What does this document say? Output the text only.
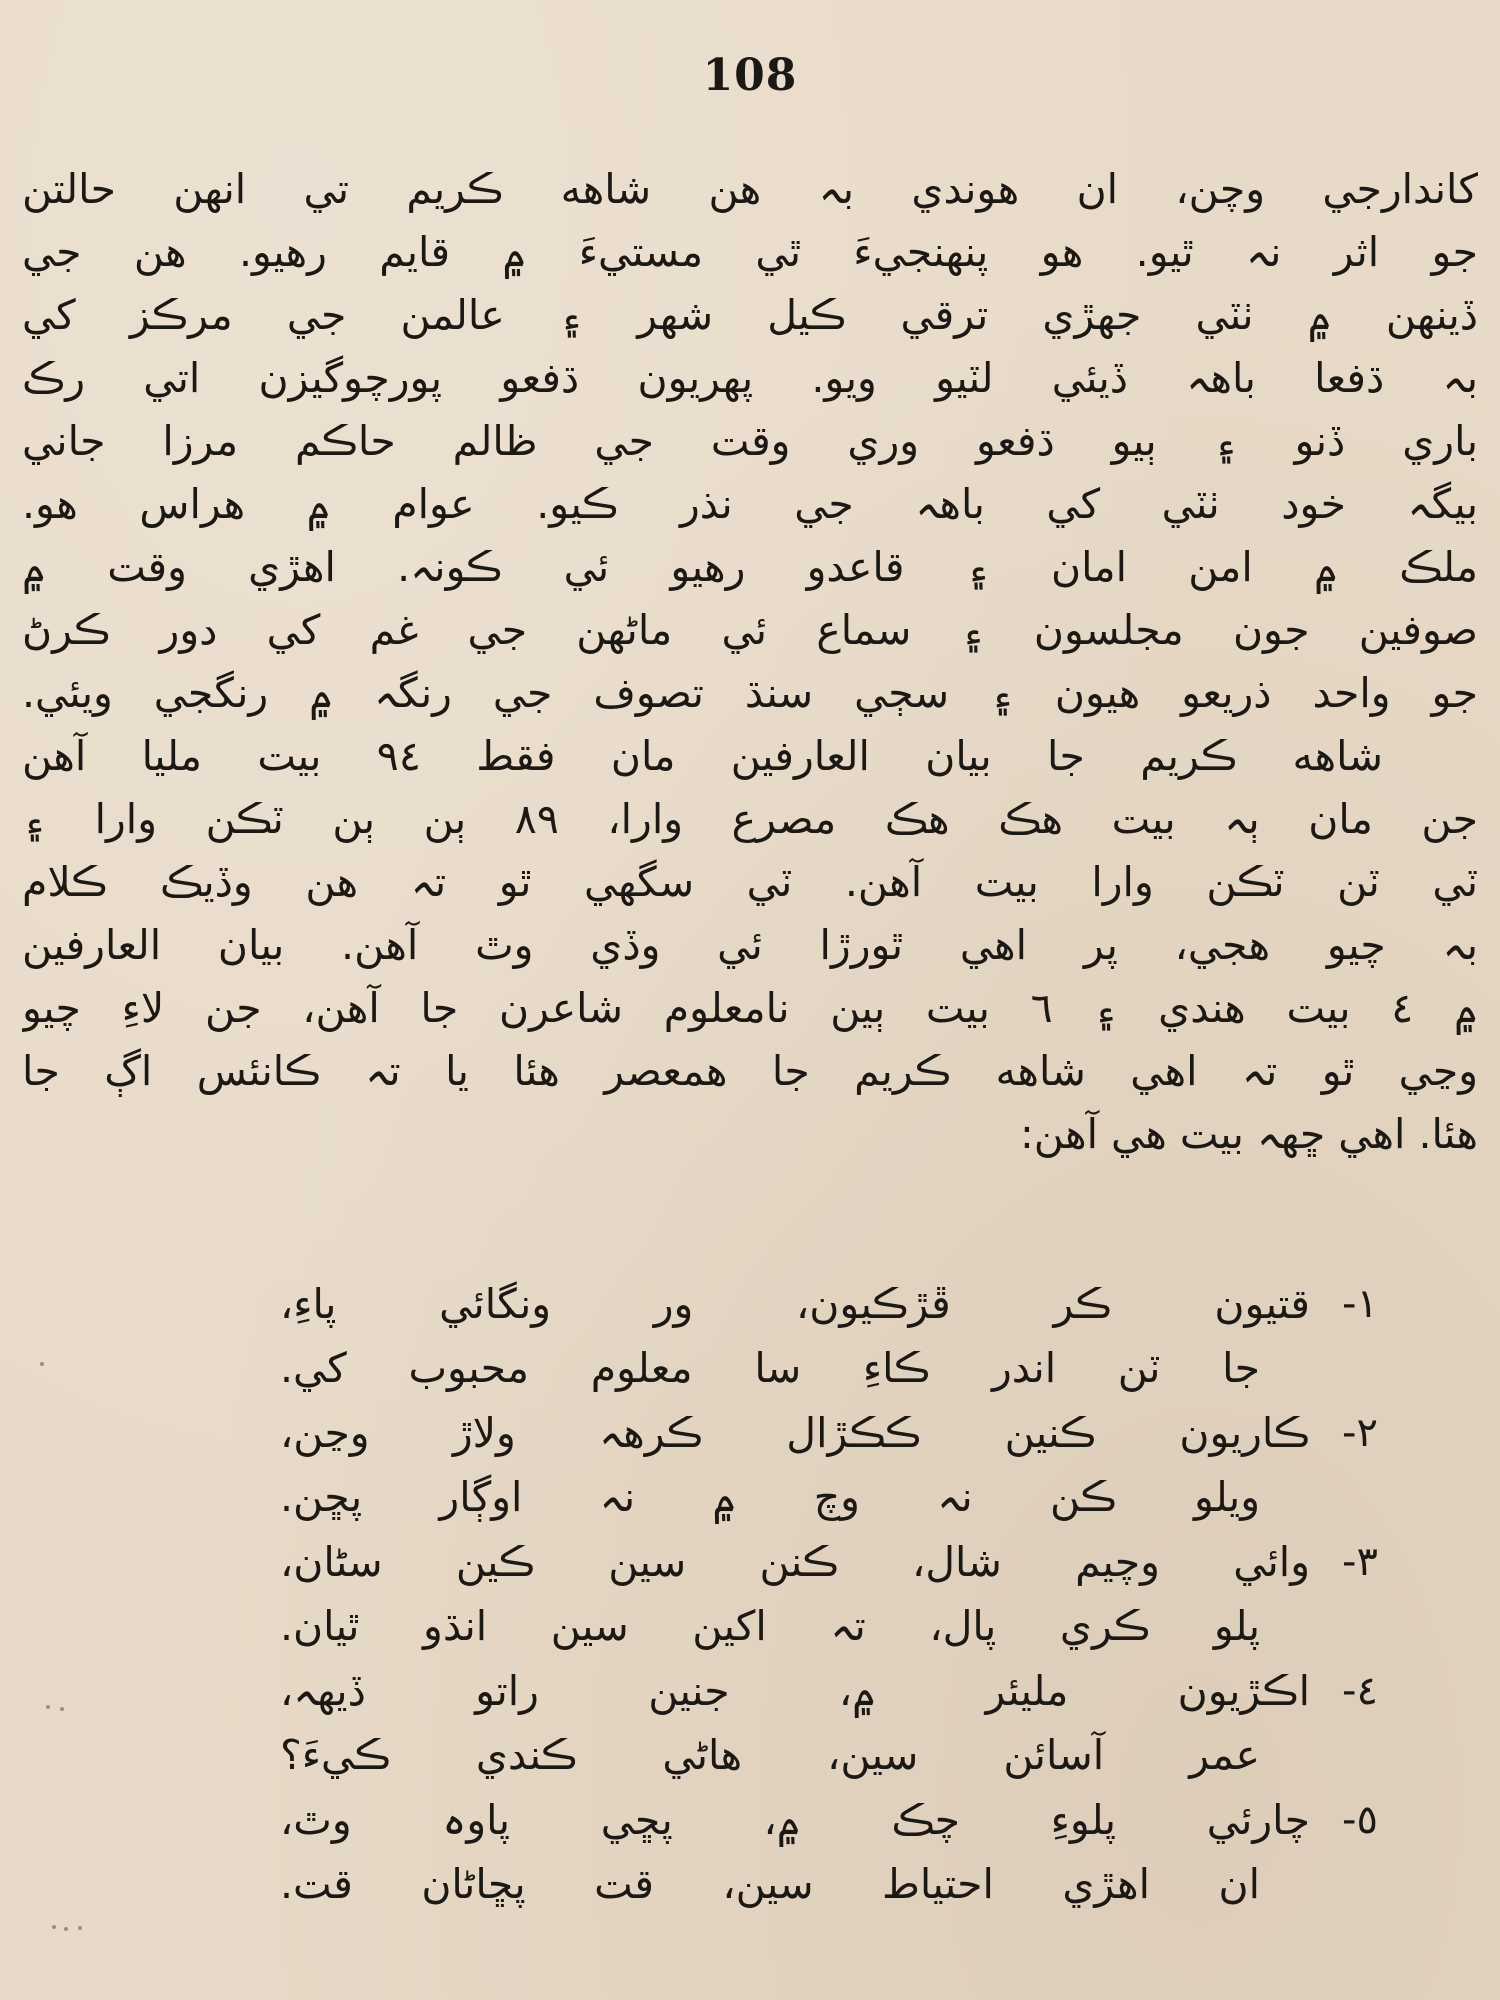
108
کاندارجي وچن، ان هوندي بہ هن شاهه ڪريم تي انهن حالتن
جو اثر نہ ٿيو. هو پنهنجيءَ ٿي مستيءَ ۾ قايم رهيو. هن جي
ڏينهن ۾ ٺٽي جهڙي ترقي ڪيل شهر ۽ عالمن جي مرڪز کي
بہ ڌفعا باهہ ڏيئي لٽيو ويو. پهريون ڌفعو پورچوگيزن اتي رڪ
باري ڏنو ۽ ٻيو ڌفعو وري وقت جي ظالم حاڪم مرزا جاني
بيگہ خود ٺٽي کي باهہ جي نذر ڪيو. عوام ۾ هراس هو.
ملڪ ۾ امن امان ۽ قاعدو رهيو ئي ڪونہ. اهڙي وقت ۾
صوفين جون مجلسون ۽ سماع ئي ماڻهن جي غم کي دور ڪرڻ
جو واحد ذريعو هيون ۽ سڄي سنڌ تصوف جي رنگہ ۾ رنگجي ويئي.
شاهه ڪريم جا بيان العارفين مان فقط ٩٤ بيت مليا آهن
جن مان ٻہ بيت هڪ هڪ مصرع وارا، ٨٩ ٻن ٻن ٽڪن وارا ۽
ٽي ٽن ٽڪن وارا بيت آهن. ٽي سگهي ٿو تہ هن وڏيڪ ڪلام
بہ چيو هجي، پر اهي ٿورڙا ئي وڏي وٿ آهن. بيان العارفين
۾ ٤ بيت هندي ۽ ٦ بيت ٻين نامعلوم شاعرن جا آهن، جن لاءِ چيو
وڃي ٿو تہ اهي شاهه ڪريم جا همعصر هئا يا تہ ڪانئس اڳ جا
هئا. اهي ڇهہ بيت هي آهن:
١-
قتيون ڪر ڦڙڪيون، ور ونگائي پاءِ،
جا ٽن اندر ڪاءِ سا معلوم محبوب کي.
٢-
ڪاريون ڪنين ڪڪڙال ڪرهہ ولاڙ وڃن،
ويلو ڪن نہ وچ ۾ نہ اوڳار پڇن.
٣-
وائي وچيم شال، ڪنن سين ڪين سڻان،
پلو ڪري پال، تہ اکين سين انڌو ٿيان.
٤-
اڪڙيون مليئر ۾، جنين راتو ڏيهہ،
عمر آسائن سين، هاڻي ڪندي ڪيءَ؟
٥-
چارئي پلوءِ چڪ ۾، پڇي پاوہ وٿ،
ان اهڙي احتياط سين، قت پڇاڻان قت.
